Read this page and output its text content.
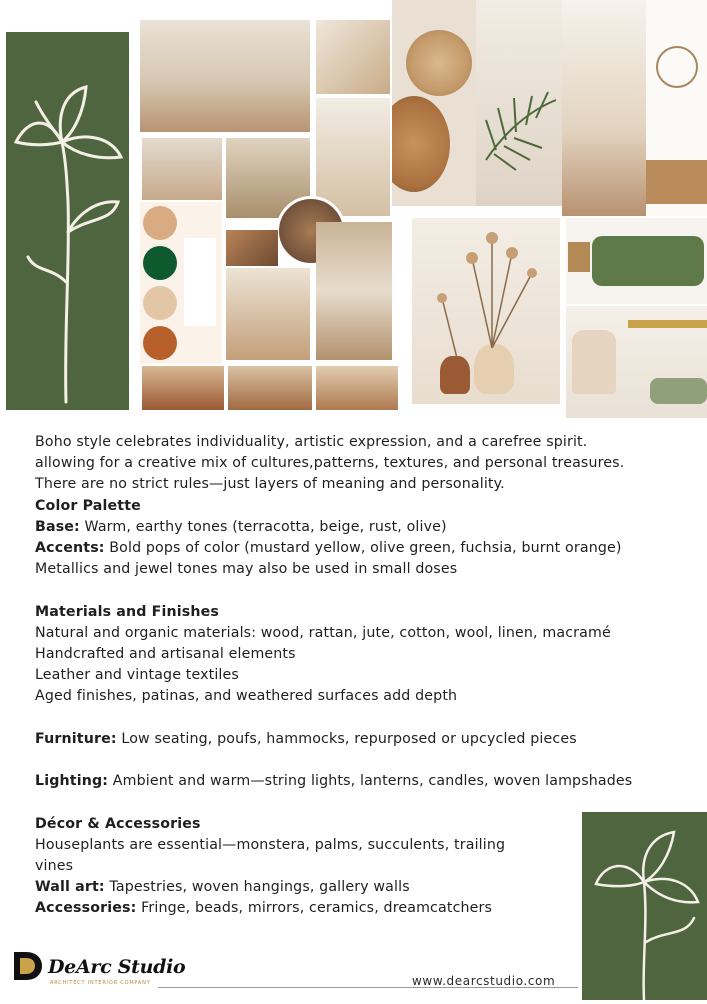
Boho style celebrates individuality, artistic expression, and a carefree spirit.

allowing for a creative mix of cultures,patterns, textures, and personal treasures.

There are no strict rules—just layers of meaning and personality.

Color Palette

Base: Warm, earthy tones (terracotta, beige, rust, olive)

Accents: Bold pops of color (mustard yellow, olive green, fuchsia, burnt orange)

Metallics and jewel tones may also be used in small doses

Materials and Finishes

Natural and organic materials: wood, rattan, jute, cotton, wool, linen, macramé

Handcrafted and artisanal elements

Leather and vintage textiles

Aged finishes, patinas, and weathered surfaces add depth

Furniture: Low seating, poufs, hammocks, repurposed or upcycled pieces

Lighting: Ambient and warm—string lights, lanterns, candles, woven lampshades

Décor & Accessories

Houseplants are essential—monstera, palms, succulents, trailing

vines

Wall art: Tapestries, woven hangings, gallery walls

Accessories: Fringe, beads, mirrors, ceramics, dreamcatchers

DeArc Studio
ARCHITECT INTERIOR COMPANY	www.dearcstudio.com
